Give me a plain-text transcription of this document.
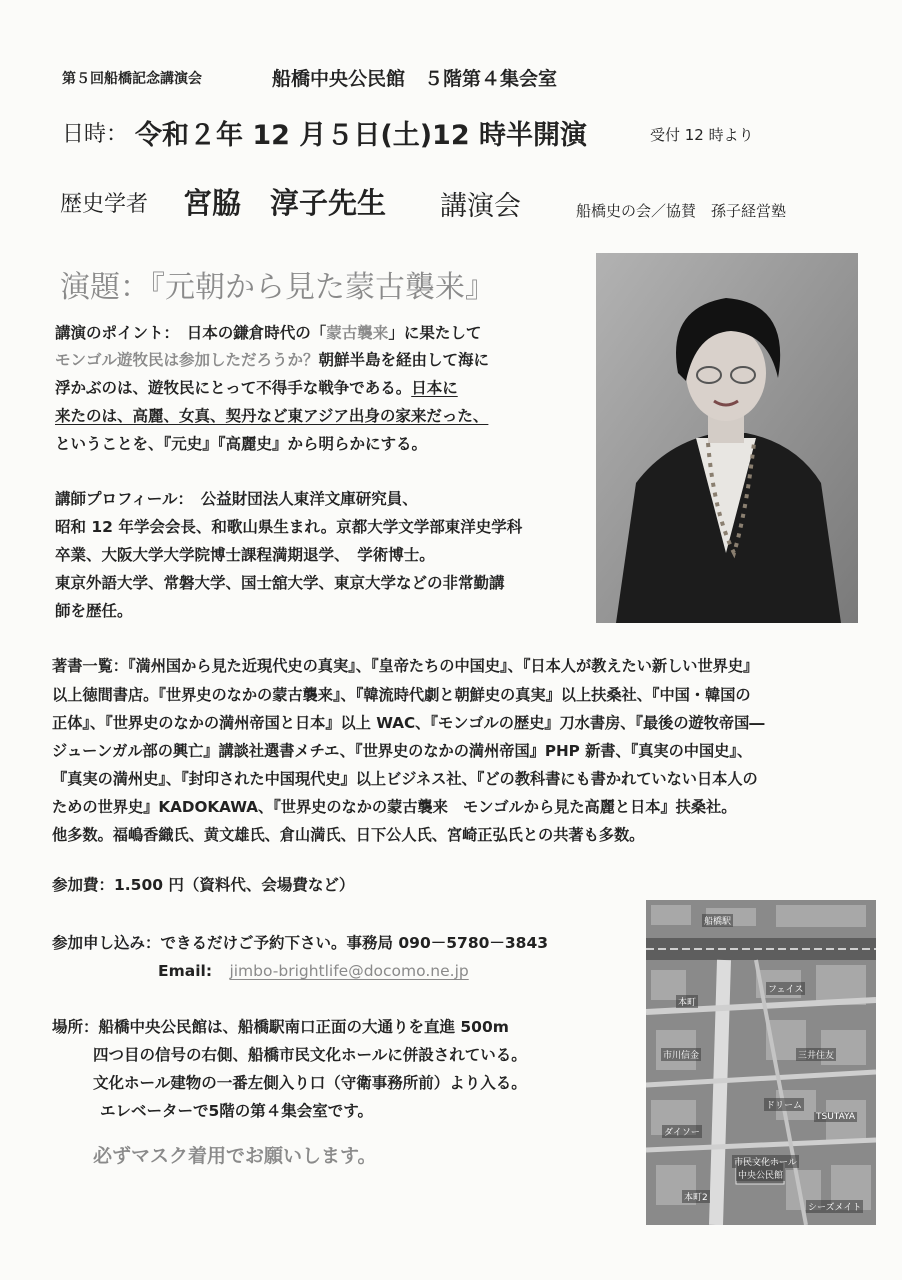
第５回船橋記念講演会	船橋中央公民館　５階第４集会室
日時： 令和２年 12 月５日(土)12 時半開演	受付 12 時より
歴史学者 宮脇　淳子先生 講演会	船橋史の会／協賛　孫子経営塾
演題：『元朝から見た蒙古襲来』
講演のポイント：　 日本の鎌倉時代の「蒙古襲来」に果たして
モンゴル遊牧民は参加しただろうか？朝鮮半島を経由して海に
浮かぶのは、遊牧民にとって不得手な戦争である。日本に
来たのは、高麗、女真、契丹など東アジア出身の家来だった、
ということを、『元史』『高麗史』から明らかにする。
講師プロフィール：　 公益財団法人東洋文庫研究員、
昭和 12 年学会会長、和歌山県生まれ。京都大学文学部東洋史学科
卒業、大阪大学大学院博士課程満期退学、　学術博士。
東京外語大学、常磐大学、国士舘大学、東京大学などの非常勤講
師を歴任。
著書一覧：『満州国から見た近現代史の真実』、『皇帝たちの中国史』、『日本人が教えたい新しい世界史』
以上徳間書店。『世界史のなかの蒙古襲来』、『韓流時代劇と朝鮮史の真実』以上扶桑社、『中国・韓国の
正体』、『世界史のなかの満州帝国と日本』以上 WAC、『モンゴルの歴史』刀水書房、『最後の遊牧帝国―
ジューンガル部の興亡』講談社選書メチエ、『世界史のなかの満州帝国』PHP 新書、『真実の中国史』、
『真実の満州史』、『封印された中国現代史』以上ビジネス社、『どの教科書にも書かれていない日本人の
ための世界史』KADOKAWA、『世界史のなかの蒙古襲来　モンゴルから見た高麗と日本』扶桑社。
他多数。福嶋香織氏、黄文雄氏、倉山満氏、日下公人氏、宮崎正弘氏との共著も多数。
参加費：1.500 円（資料代、会場費など）
参加申し込み：できるだけご予約下さい。事務局 090－5780－3843
Email: jimbo-brightlife@docomo.ne.jp
場所：船橋中央公民館は、船橋駅南口正面の大通りを直進 500m
四つ目の信号の右側、船橋市民文化ホールに併設されている。
文化ホール建物の一番左側入り口（守衛事務所前）より入る。
エレベーターで5階の第４集会室です。
必ずマスク着用でお願いします。
船橋駅
本町
フェイス
市川信金	三井住友
ドリーム
TSUTAYA
市民文化ホール
中央公民館
本町2
シーズメイト
ダイソー
